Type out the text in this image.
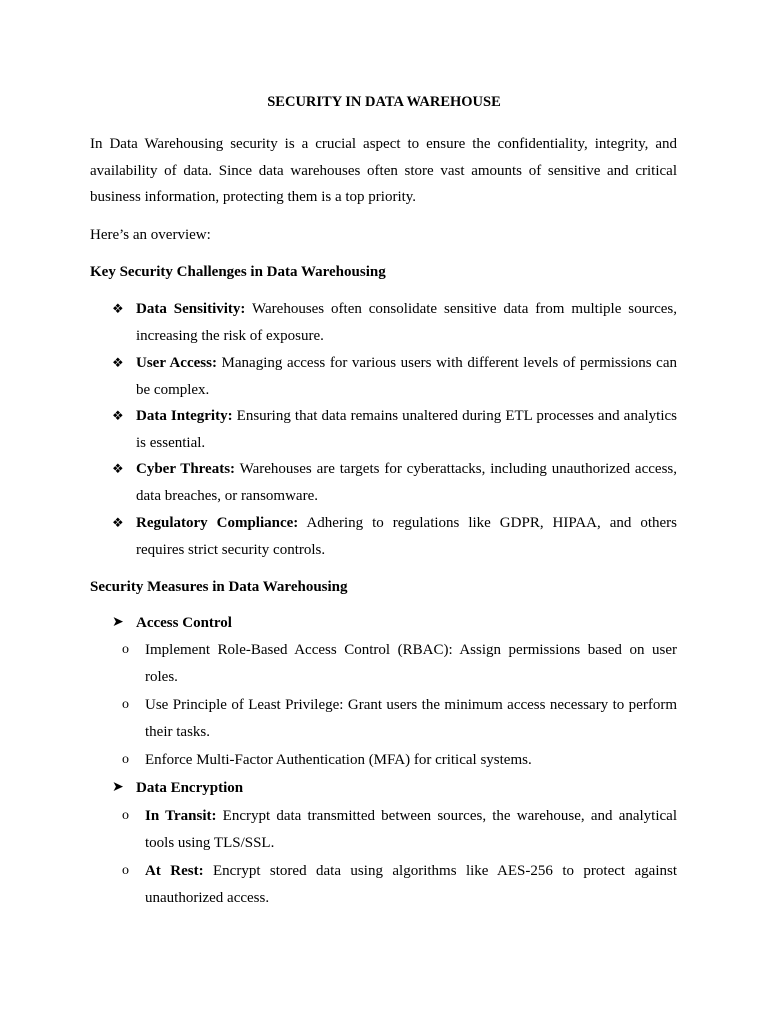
SECURITY IN DATA WAREHOUSE
In Data Warehousing security is a crucial aspect to ensure the confidentiality, integrity, and availability of data. Since data warehouses often store vast amounts of sensitive and critical business information, protecting them is a top priority.
Here’s an overview:
Key Security Challenges in Data Warehousing
❖ Data Sensitivity: Warehouses often consolidate sensitive data from multiple sources, increasing the risk of exposure.
❖ User Access: Managing access for various users with different levels of permissions can be complex.
❖ Data Integrity: Ensuring that data remains unaltered during ETL processes and analytics is essential.
❖ Cyber Threats: Warehouses are targets for cyberattacks, including unauthorized access, data breaches, or ransomware.
❖ Regulatory Compliance: Adhering to regulations like GDPR, HIPAA, and others requires strict security controls.
Security Measures in Data Warehousing
➤ Access Control
o Implement Role-Based Access Control (RBAC): Assign permissions based on user roles.
o Use Principle of Least Privilege: Grant users the minimum access necessary to perform their tasks.
o Enforce Multi-Factor Authentication (MFA) for critical systems.
➤ Data Encryption
o In Transit: Encrypt data transmitted between sources, the warehouse, and analytical tools using TLS/SSL.
o At Rest: Encrypt stored data using algorithms like AES-256 to protect against unauthorized access.
